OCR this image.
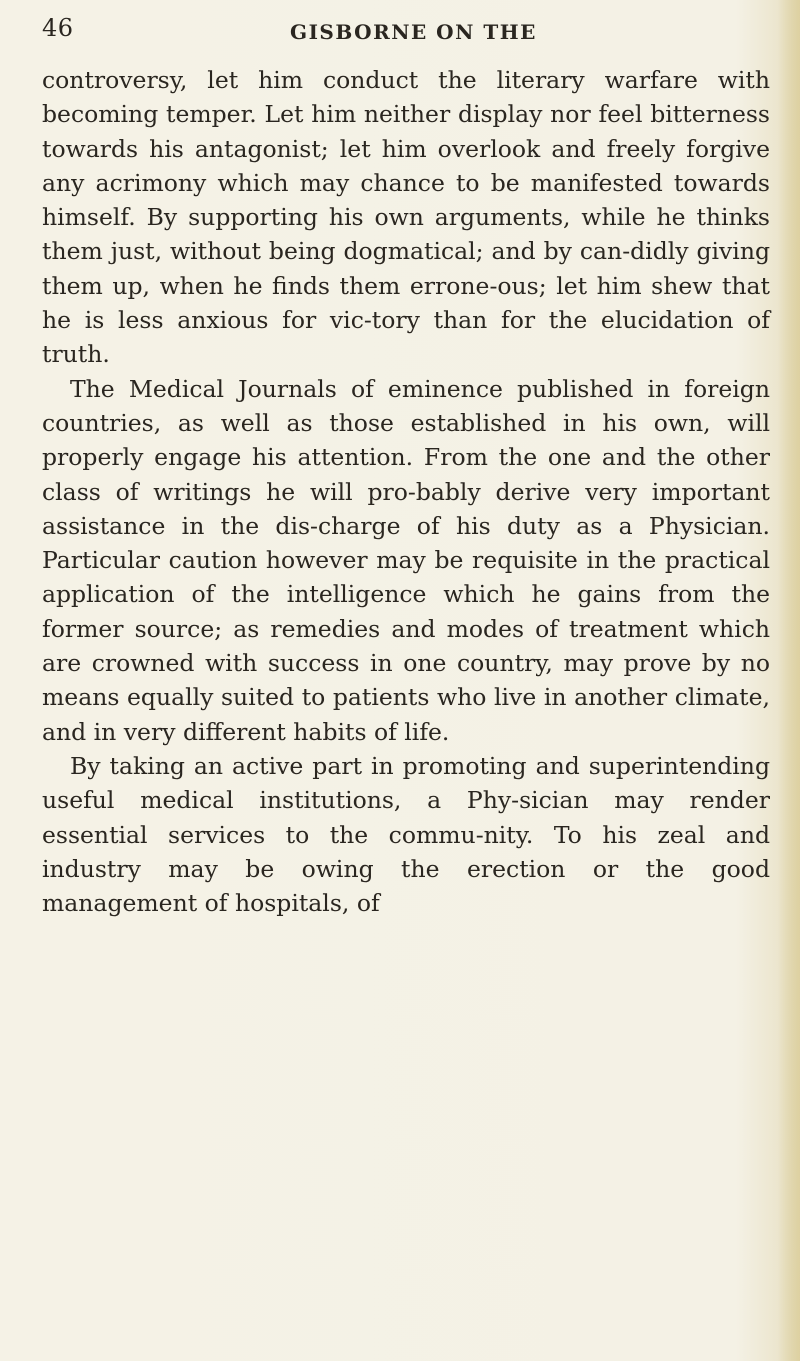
46	GISBORNE ON THE

controversy, let him conduct the literary warfare with becoming temper. Let him neither display nor feel bitterness towards his antagonist; let him overlook and freely forgive any acrimony which may chance to be manifested towards himself. By supporting his own arguments, while he thinks them just, without being dogmatical; and by can-didly giving them up, when he finds them errone-ous; let him shew that he is less anxious for vic-tory than for the elucidation of truth.

The Medical Journals of eminence published in foreign countries, as well as those established in his own, will properly engage his attention. From the one and the other class of writings he will pro-bably derive very important assistance in the dis-charge of his duty as a Physician. Particular caution however may be requisite in the practical application of the intelligence which he gains from the former source; as remedies and modes of treatment which are crowned with success in one country, may prove by no means equally suited to patients who live in another climate, and in very different habits of life.

By taking an active part in promoting and superintending useful medical institutions, a Phy-sician may render essential services to the commu-nity. To his zeal and industry may be owing the erection or the good management of hospitals, of
